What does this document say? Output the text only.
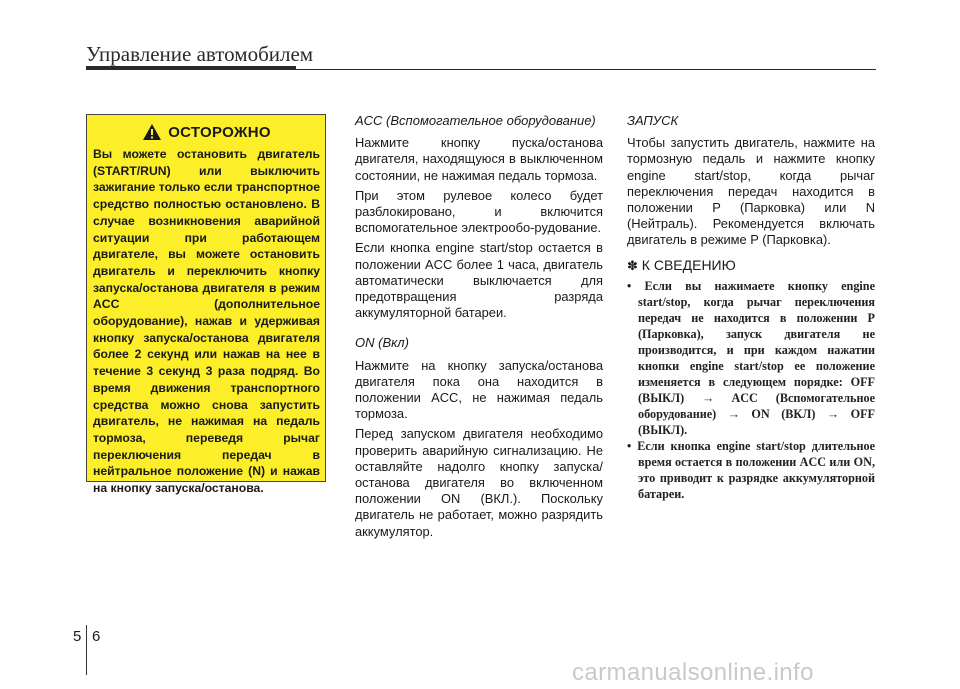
Управление автомобилем
ОСТОРОЖНО

Вы можете остановить двигатель (START/RUN) или выключить зажигание только если транспортное средство полностью остановлено. В случае возникновения аварийной ситуации при работающем двигателе, вы можете остановить двигатель и переключить кнопку запуска/останова двигателя в режим ACC (дополнительное оборудование), нажав и удерживая кнопку запуска/останова двигателя более 2 секунд или нажав на нее в течение 3 секунд 3 раза подряд. Во время движения транспортного средства можно снова запустить двигатель, не нажимая на педаль тормоза, переведя рычаг переключения передач в нейтральное положение (N) и нажав на кнопку запуска/останова.

ACC (Вспомогательное оборудование)

Нажмите кнопку пуска/останова двигателя, находящуюся в выключенном состоянии, не нажимая педаль тормоза.

При этом рулевое колесо будет разблокировано, и включится вспомогательное электрообо-рудование.

Если кнопка engine start/stop остается в положении ACC более 1 часа, двигатель автоматически выключается для предотвращения разряда аккумуляторной батареи.

ON (Вкл)

Нажмите на кнопку запуска/останова двигателя пока она находится в положении ACC, не нажимая педаль тормоза.

Перед запуском двигателя необходимо проверить аварийную сигнализацию. Не оставляйте надолго кнопку запуска/останова двигателя во включенном положении ON (ВКЛ.). Поскольку двигатель не работает, можно разрядить аккумулятор.

ЗАПУСК

Чтобы запустить двигатель, нажмите на тормозную педаль и нажмите кнопку engine start/stop, когда рычаг переключения передач находится в положении P (Парковка) или N (Нейтраль). Рекомендуется включать двигатель в режиме P (Парковка).

✽ К СВЕДЕНИЮ
• Если вы нажимаете кнопку engine start/stop, когда рычаг переключения передач не находится в положении P (Парковка), запуск двигателя не производится, и при каждом нажатии кнопки engine start/stop ее положение изменяется в следующем порядке: OFF (ВЫКЛ) → ACC (Вспомогательное оборудование) → ON (ВКЛ) → OFF (ВЫКЛ).
• Если кнопка engine start/stop длительное время остается в положении ACC или ON, это приводит к разрядке аккумуляторной батареи.
5 6
carmanualsonline.info
